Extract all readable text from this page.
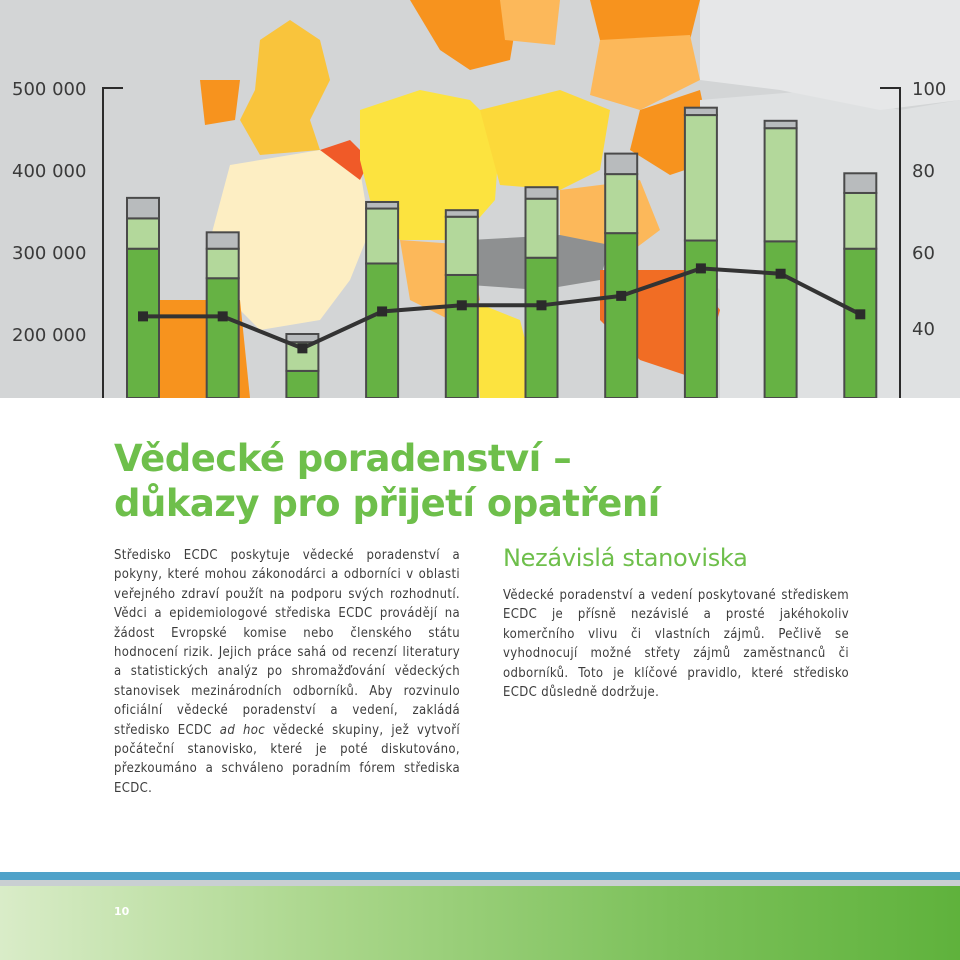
500 000
400 000
300 000
200 000
100
80
60
40
Vědecké poradenství –
důkazy pro přijetí opatření

Středisko ECDC poskytuje vědecké poradenství a pokyny, které mohou zákonodárci a odborníci v oblasti veřejného zdraví použít na podporu svých rozhodnutí. Vědci a epidemiologové střediska ECDC provádějí na žádost Evropské komise nebo členského státu hodnocení rizik. Jejich práce sahá od recenzí literatury a statistických analýz po shromažďování vědeckých stanovisek mezinárodních odborníků. Aby rozvinulo oficiální vědecké poradenství a vedení, zakládá středisko ECDC ad hoc vědecké skupiny, jež vytvoří počáteční stanovisko, které je poté diskutováno, přezkoumáno a schváleno poradním fórem střediska ECDC.

Nezávislá stanoviska

Vědecké poradenství a vedení poskytované střediskem ECDC je přísně nezávislé a prosté jakéhokoliv komerčního vlivu či vlastních zájmů. Pečlivě se vyhodnocují možné střety zájmů zaměstnanců či odborníků. Toto je klíčové pravidlo, které středisko ECDC důsledně dodržuje.

10
